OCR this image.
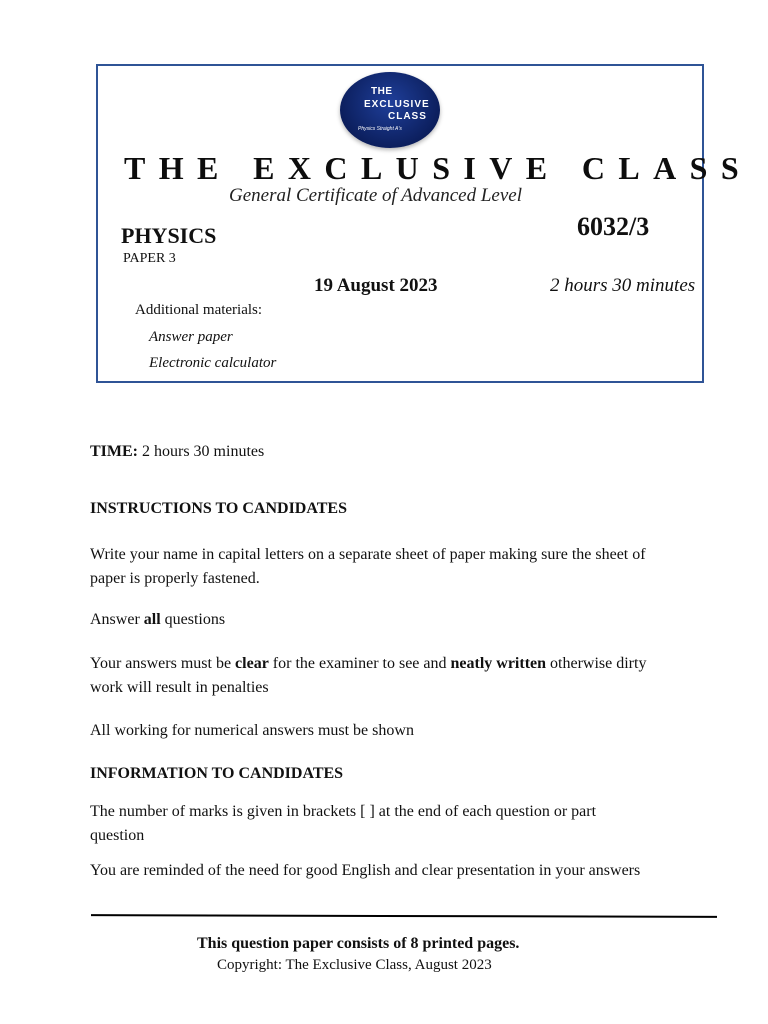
THE
EXCLUSIVE
CLASS
Physics Straight A's
THE EXCLUSIVE CLASS
General Certificate of Advanced Level
PHYSICS	6032/3
PAPER 3
19 August 2023	2 hours 30 minutes
Additional materials:
Answer paper
Electronic calculator
TIME: 2 hours 30 minutes
INSTRUCTIONS TO CANDIDATES
Write your name in capital letters on a separate sheet of paper making sure the sheet of paper is properly fastened.
Answer all questions
Your answers must be clear for the examiner to see and neatly written otherwise dirty work will result in penalties
All working for numerical answers must be shown
INFORMATION TO CANDIDATES
The number of marks is given in brackets [ ] at the end of each question or part question
You are reminded of the need for good English and clear presentation in your answers
This question paper consists of 8 printed pages.
Copyright: The Exclusive Class, August 2023
